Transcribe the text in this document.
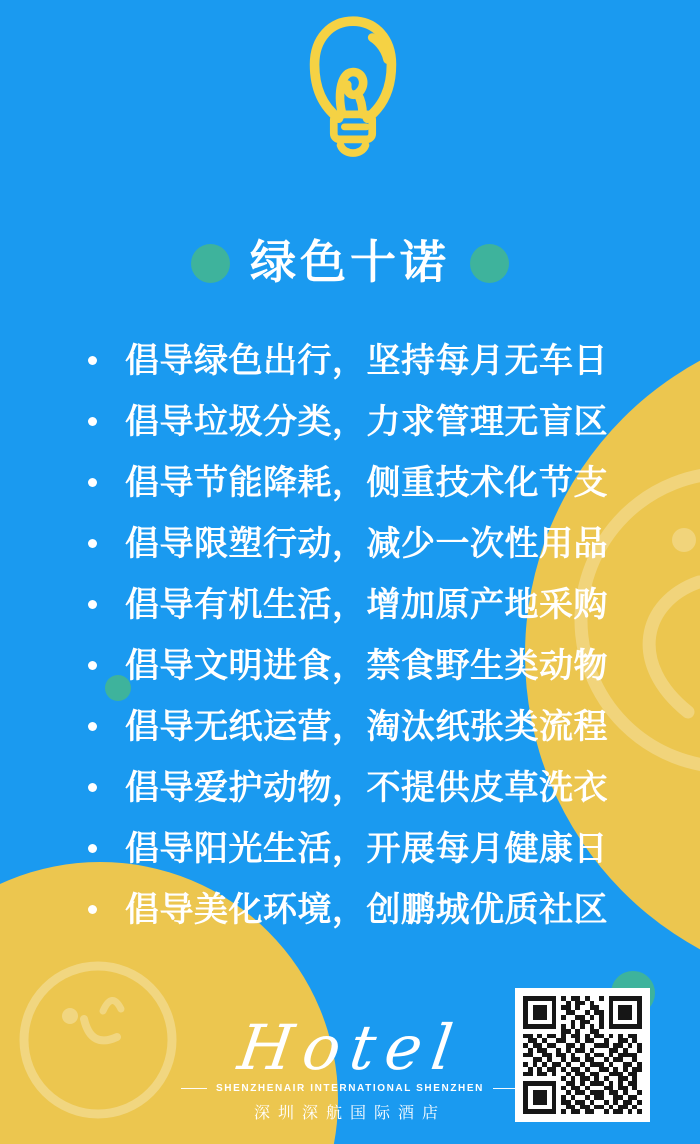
绿色十诺
倡导绿色出行，坚持每月无车日
倡导垃圾分类，力求管理无盲区
倡导节能降耗，侧重技术化节支
倡导限塑行动，减少一次性用品
倡导有机生活，增加原产地采购
倡导文明进食，禁食野生类动物
倡导无纸运营，淘汰纸张类流程
倡导爱护动物，不提供皮草洗衣
倡导阳光生活，开展每月健康日
倡导美化环境，创鹏城优质社区
Hotel
SHENZHENAIR INTERNATIONAL SHENZHEN
深圳深航国际酒店
